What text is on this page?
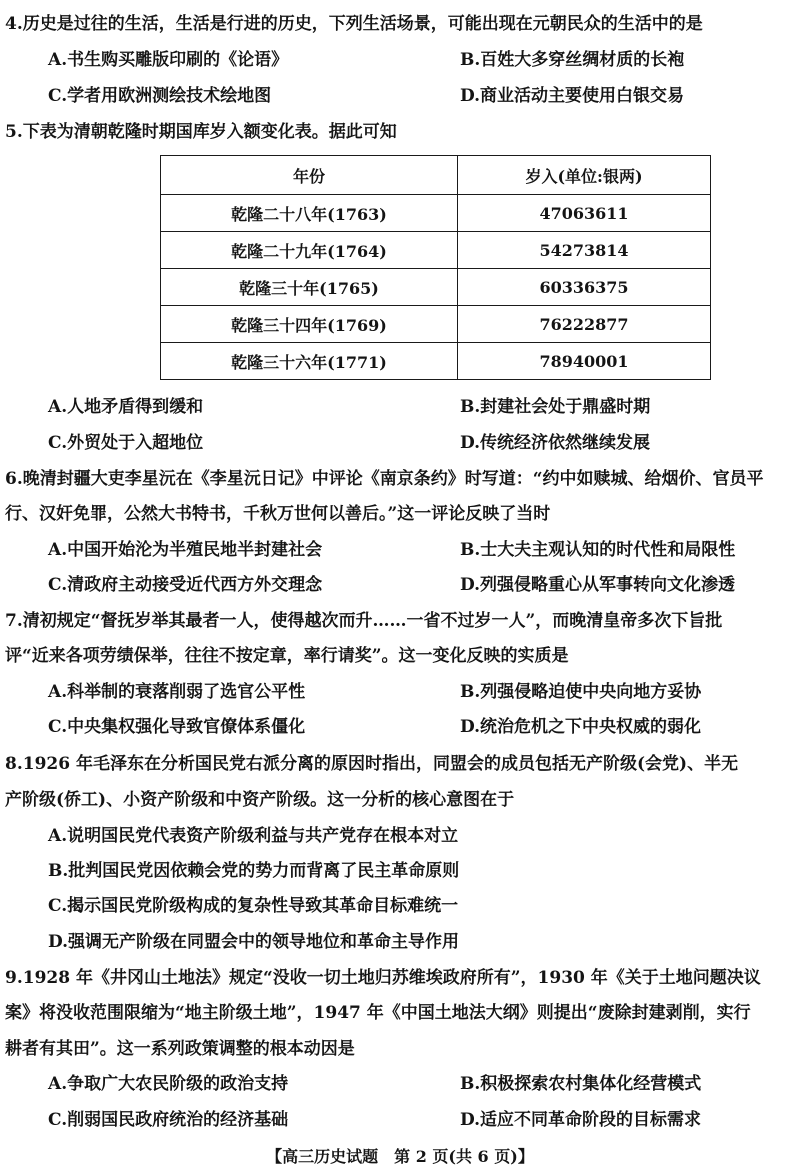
4.历史是过往的生活，生活是行进的历史，下列生活场景，可能出现在元朝民众的生活中的是
A.书生购买雕版印刷的《论语》	B.百姓大多穿丝绸材质的长袍
C.学者用欧洲测绘技术绘地图	D.商业活动主要使用白银交易
5.下表为清朝乾隆时期国库岁入额变化表。据此可知
年份	岁入(单位:银两)
乾隆二十八年(1763)	47063611
乾隆二十九年(1764)	54273814
乾隆三十年(1765)	60336375
乾隆三十四年(1769)	76222877
乾隆三十六年(1771)	78940001
A.人地矛盾得到缓和	B.封建社会处于鼎盛时期
C.外贸处于入超地位	D.传统经济依然继续发展
6.晚清封疆大吏李星沅在《李星沅日记》中评论《南京条约》时写道：“约中如赎城、给烟价、官员平
行、汉奸免罪，公然大书特书，千秋万世何以善后。”这一评论反映了当时
A.中国开始沦为半殖民地半封建社会	B.士大夫主观认知的时代性和局限性
C.清政府主动接受近代西方外交理念	D.列强侵略重心从军事转向文化渗透
7.清初规定“督抚岁举其最者一人，使得越次而升……一省不过岁一人”，而晚清皇帝多次下旨批
评“近来各项劳绩保举，往往不按定章，率行请奖”。这一变化反映的实质是
A.科举制的衰落削弱了选官公平性	B.列强侵略迫使中央向地方妥协
C.中央集权强化导致官僚体系僵化	D.统治危机之下中央权威的弱化
8.1926 年毛泽东在分析国民党右派分离的原因时指出，同盟会的成员包括无产阶级(会党)、半无
产阶级(侨工)、小资产阶级和中资产阶级。这一分析的核心意图在于
A.说明国民党代表资产阶级利益与共产党存在根本对立
B.批判国民党因依赖会党的势力而背离了民主革命原则
C.揭示国民党阶级构成的复杂性导致其革命目标难统一
D.强调无产阶级在同盟会中的领导地位和革命主导作用
9.1928 年《井冈山土地法》规定“没收一切土地归苏维埃政府所有”，1930 年《关于土地问题决议
案》将没收范围限缩为“地主阶级土地”，1947 年《中国土地法大纲》则提出“废除封建剥削，实行
耕者有其田”。这一系列政策调整的根本动因是
A.争取广大农民阶级的政治支持	B.积极探索农村集体化经营模式
C.削弱国民政府统治的经济基础	D.适应不同革命阶段的目标需求
【高三历史试题　第 2 页(共 6 页)】
